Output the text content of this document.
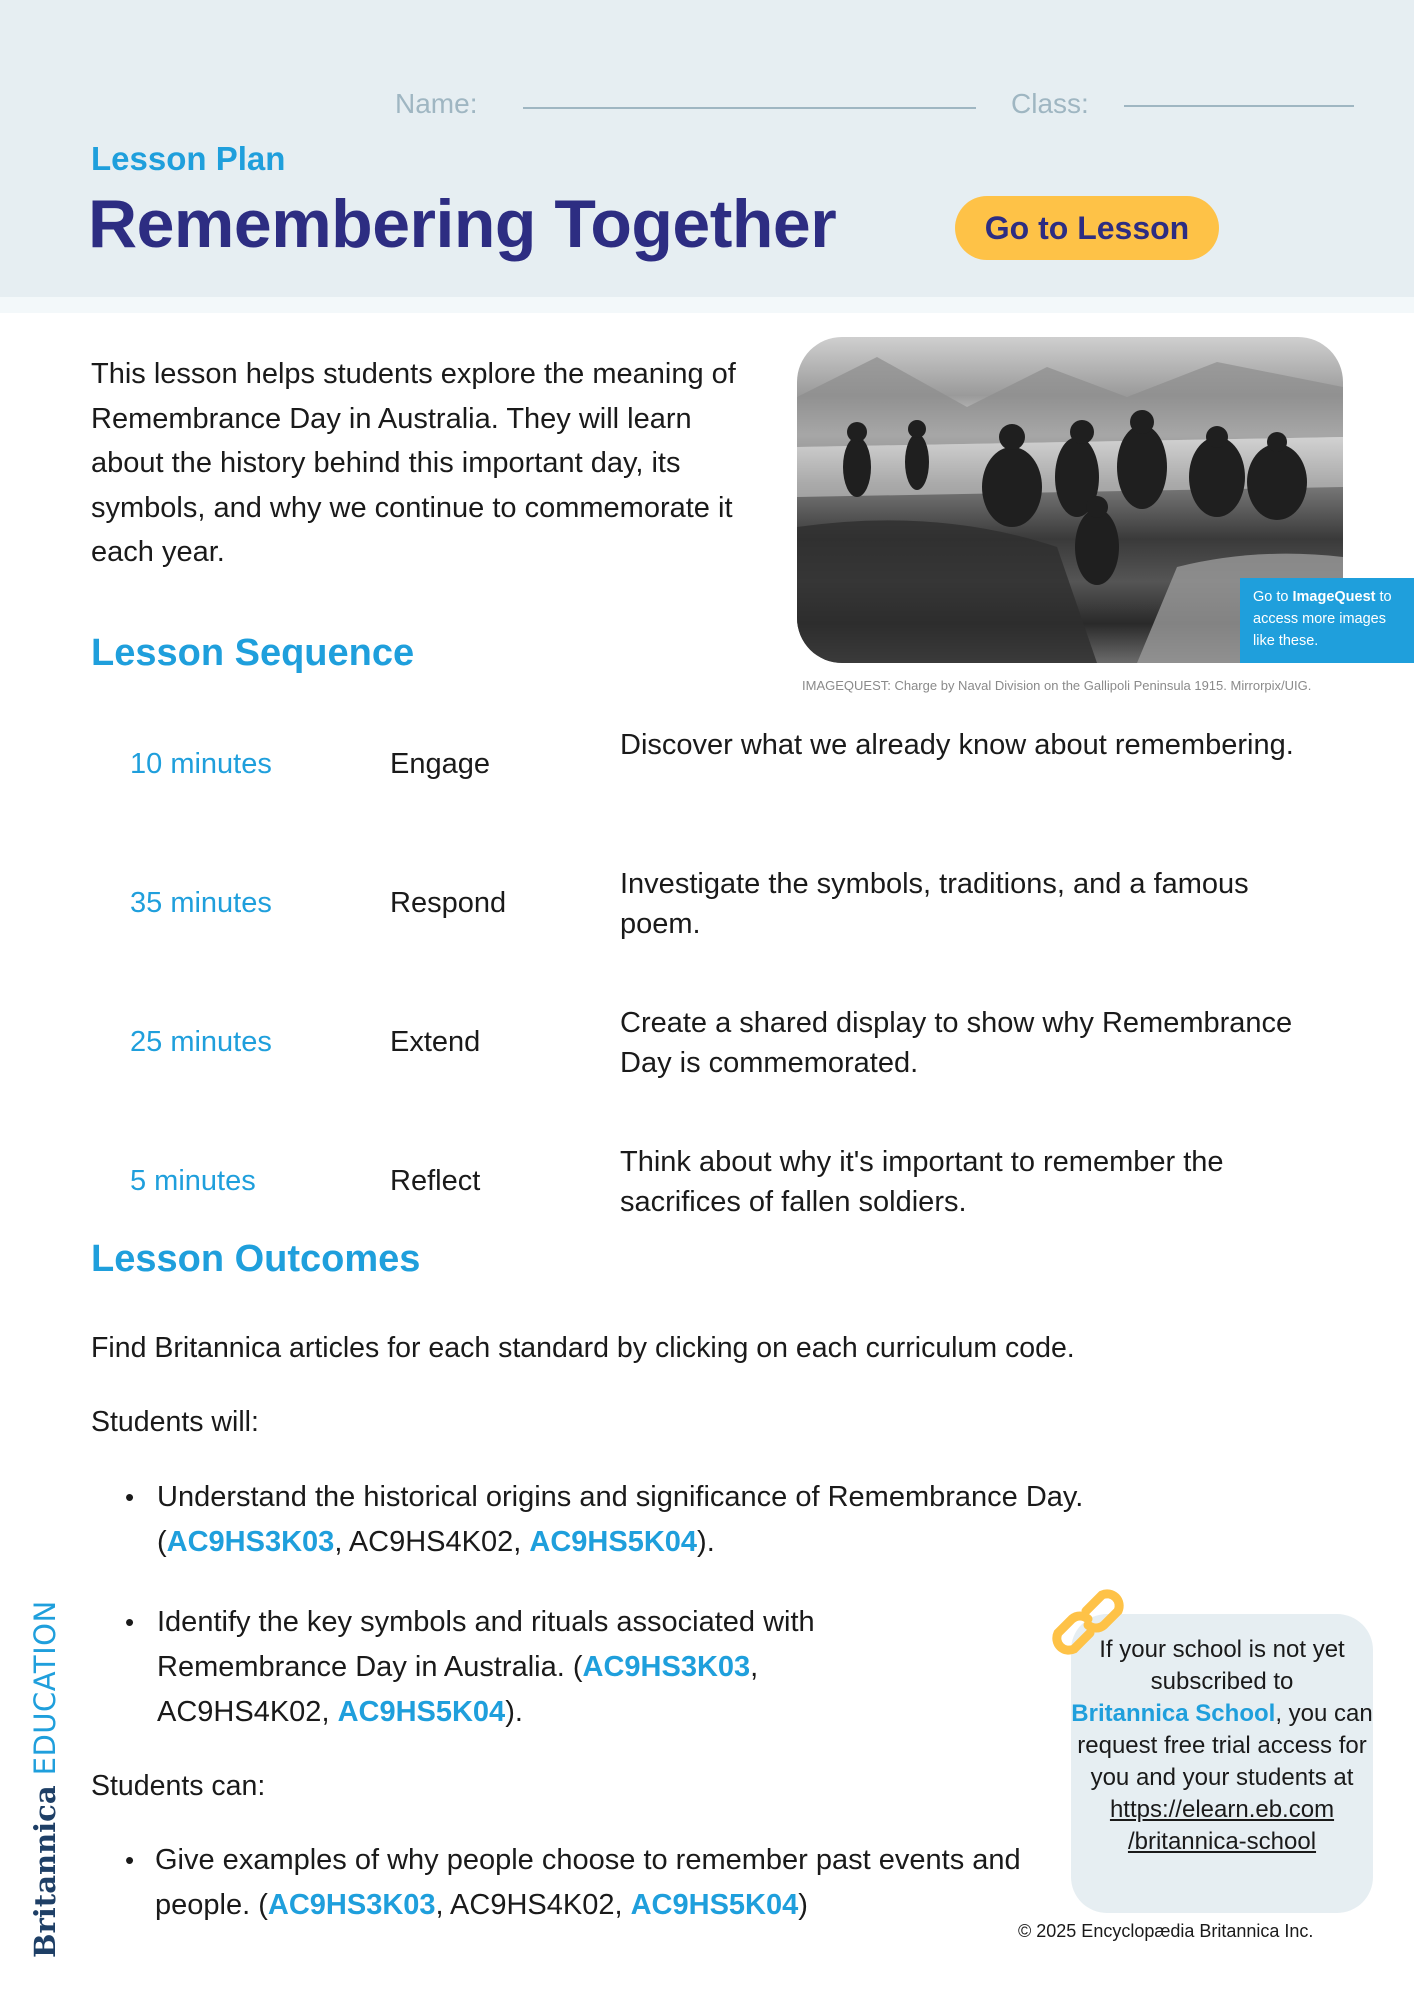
Name:	Class:
Lesson Plan
Remembering Together	Go to Lesson

This lesson helps students explore the meaning of Remembrance Day in Australia. They will learn about the history behind this important day, its symbols, and why we continue to commemorate it each year.

Go to ImageQuest to access more images like these.
IMAGEQUEST: Charge by Naval Division on the Gallipoli Peninsula 1915. Mirrorpix/UIG.
Lesson Sequence
10 minutes	Engage
Discover what we already know about remembering.
35 minutes	Respond
Investigate the symbols, traditions, and a famous poem.
25 minutes	Extend
Create a shared display to show why Remembrance Day is commemorated.
5 minutes	Reflect
Think about why it's important to remember the sacrifices of fallen soldiers.
Lesson Outcomes

Find Britannica articles for each standard by clicking on each curriculum code.

Students will:

• Understand the historical origins and significance of Remembrance Day.
(AC9HS3K03, AC9HS4K02, AC9HS5K04).
• Identify the key symbols and rituals associated with Remembrance Day in Australia. (AC9HS3K03, AC9HS4K02, AC9HS5K04).

Students can:

• Give examples of why people choose to remember past events and people. (AC9HS3K03, AC9HS4K02, AC9HS5K04)
Britannica
EDUCATION	If your school is not yet subscribed to
Britannica School, you can request free trial access for you and your students at
https://elearn.eb.com
/britannica-school
© 2025 Encyclopædia Britannica Inc.
